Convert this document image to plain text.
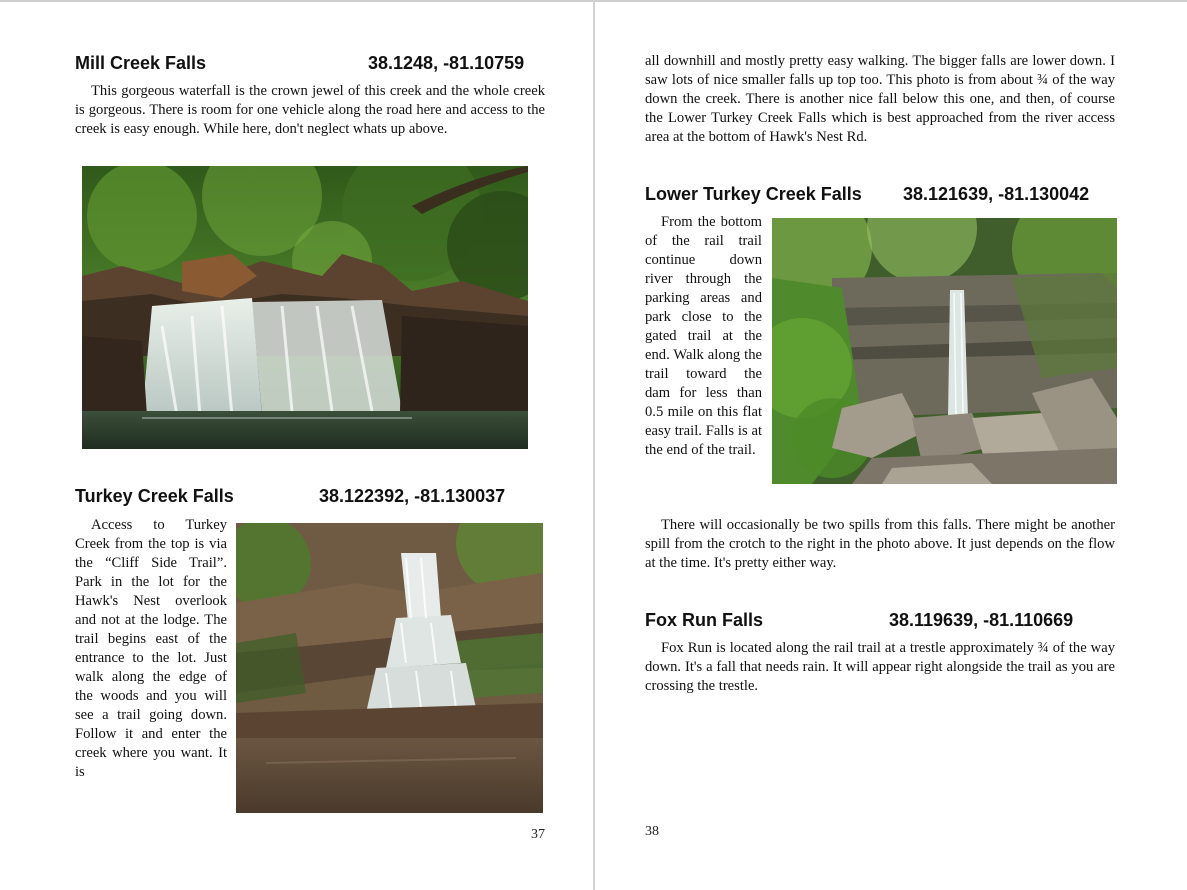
Mill Creek Falls	38.1248, -81.10759

This gorgeous waterfall is the crown jewel of this creek and the whole creek is gorgeous. There is room for one vehicle along the road here and access to the creek is easy enough. While here, don't neglect whats up above.

Turkey Creek Falls	38.122392, -81.130037

Access to Turkey Creek from the top is via the “Cliff Side Trail”. Park in the lot for the Hawk's Nest overlook and not at the lodge. The trail begins east of the entrance to the lot. Just walk along the edge of the woods and you will see a trail going down. Follow it and enter the creek where you want. It is

37

all downhill and mostly pretty easy walking. The bigger falls are lower down. I saw lots of nice smaller falls up top too. This photo is from about ¾ of the way down the creek. There is another nice fall below this one, and then, of course the Lower Turkey Creek Falls which is best approached from the river access area at the bottom of Hawk's Nest Rd.

Lower Turkey Creek Falls 38.121639, -81.130042

From the bottom of the rail trail continue down river through the parking areas and park close to the gated trail at the end. Walk along the trail toward the dam for less than 0.5 mile on this flat easy trail. Falls is at the end of the trail.

There will occasionally be two spills from this falls. There might be another spill from the crotch to the right in the photo above. It just depends on the flow at the time. It's pretty either way.

Fox Run Falls	38.119639, -81.110669

Fox Run is located along the rail trail at a trestle approximately ¾ of the way down. It's a fall that needs rain. It will appear right alongside the trail as you are crossing the trestle.

38
